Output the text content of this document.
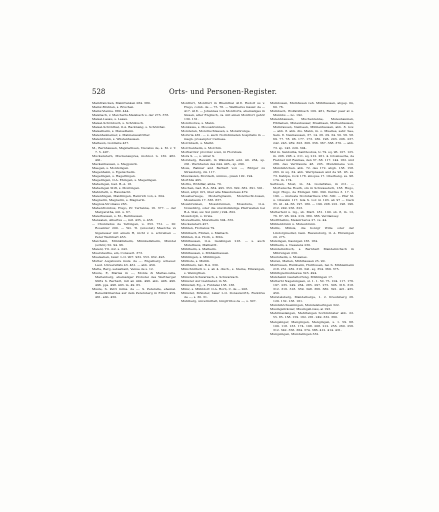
528	Orts- und Personen-Register.

Mainfrancken, Mainfranken 284. 380.

Mainz-Bruhlen, s. Bruchen.

Mainz-Vienne. 880. 444.

Maisbach, v. Meicherts-Maisbach u. der 273. 376.

Maisel-Lasau, s. Lasau.

Maisel-Schönbuch, s. Schönbuch.

Maisel-Schönthal, O.A. Backnang, s. Schönthal.

Maiselheim, s. Meiselheim.

Malenheimeiner, s. Malmenaustritter.

Malenbrunn, s. Wüstenhausen.

Malheun, Goldleite 437.

M., Bernhausen, Majsbethsen, Viscalus de, s. M. v. T. 7. 5. 497.

Muckenstern, Muckenaupres, mohnol. n. 130. 482. 491.

Mackenhausen, s. Magpuurk.

Maegen, s. Montsingen.

Magenheim, s. Egenscheim.

Magelingen, s. Hageltingen.

Magelingen, O.A. Ehingen, s. Magelingen.

Maheingen, bad. B.-A. 16.

Maheingen Stift, s. Montingen.

Mahnrieth, s. Hausbacht.

Maienfingen, Maidlingen, Heinrich von, s. 304.

Magnerin, Magnerin, s. Magnerin.

Magnus-Viromaus 263.

Mahenfrombus, Hugo, Pr. Tertanna, 16. 377. — der Margaretha, mil. u. 67.

Maierhausen, s. M., Bernhausen.

Mensalen, Albertus —, mit. 435, u. 438.

— Chunradus de Tettingen, u. 353. 751. — Dr. Rosenbur 200. — Wz. Tl. (unsonst) Maerche vs Sigaresser mit einem H, nicht v. u. schreiben — Peter Wernhart 453.

Maichelm, Minnkllsheim, Minnkellsheim, Mundel (schön) 50. 94. 96.

Maienl, Ttl. dor. s. 243.

Muerstauthe, ein, Conssert. 373.

Muelsehen, bawr. L.O. 907. 932. 553. 932. 493.

Mutter Augsbuure muls. de —. Engelberg. scheuer. Laut. Universitäts 43. 461. — abb. 459.

Matte, Berg, sebastiant, Venue de s. 12.

Muste, E, Marias in —, Monte & Marias-cella, Marienberg, ehemaliger Probstei des Wertberger Stifts S. Berhart, mit an 494. 496. abb. 496. 496. 496. pps. 498. 493. m. 49. 65.

Muste, S. Petri mims. de —. S. Peterelle, ehemal. Benediktinerdes auf dem Petersberg in Erfurt 459. 461. abb. 450.

Montfurt, Montfurt in Bheinthal 418. Rudolf us v. Hugo, comb. de — 75. 76. — Waltherus mausr. de — 417. 418. — Johannes von Montforts, ehemaliges in Sissen, alter Englisch, ca. mit einen Montfort gehör 130. 131.

Mondnorwe, s. Mann.

Monkawe, s. Moosabrunnen.

Monderen, Mondrechtsesen, s. Monsbrunge.

Moruria 481. — s. auch Norndmiaden hospitalis in — magn. prosenptor Carnese.

Morckbach, s. Markt.

Morchenheim, s. Morchin.

Morhardior provinzc soun, in Florsbais.

Mora S. —, s. unter S.

Morsberg, Bewallt, in Wänsbach edd. 40. 264, sp. 291. Wernheren des 244. 495., sp. 290.

Moss, Balmar and Berhart von —, Bürger zu Strassburg, 24. 117.

Musolasien, Mordach, unmus., pisan 192. 194.

Morthüs 495.

Mottis, Wöhlflar, allda. 70.

Muchen, bad. B.A. 384. 495. 353. 392. 382. 391. 591.

Must, altpr. Ort, über alle Massbureau 479.

Moesberwege, Moderbgbaum, Mondrecht-busen, Mossbaum 17. 336. 837.

Mossbrunnen, Mossbrunnen, Mossbure, O.A. Noissbürg, oder die unvollständige Pfarrwellen bei B.A. Stal, sw. Sul (mitr.) 294. 802.

Mossdorph, s. Ursia.

Mosvetheim, Musviheim 304. 355.

Muckenstern 457.

Mühlen, Florianus 79.

Mühlbach, Fülden, s. Malbach.

Mühlen, O.A. Horb, s. Mün.

Mühlhausen, O.A. Geislingen 216. — s. auch Mulethaus, Malhardt.

Mühlheim, s. Malheim.

Mühlhausen, s. Mühlenhausen.

Mühlingen, s. Mühlingen.

Mütliste, s. Mullih.

Mullhiers, bat. B.A. 330.

Münchnittsch u. s. ab 4. disch., s. Steine, Ellwangen, s. Wenngthen.

Münster-Schwarzach, s. Schwarzach.

Münster Auf Liebhaber, in 56.

Münstall, Eg., s. Fuldalai 138. 138.

Münz, s. Mühldorf. O.A. Horb, C. de — 206.

Münster, Mönster, baier L.O. Donauwörth, Rudolfus de —, s. 30. 31.

Muhlberg, unvermittelt, bingfrittos de —, s. 307.

Mulnbusen, Mulnhusen veh. Mühlhausen, abgep. 0n, 60. 76.

Mulnbach, Wolfatzhbach 109. 481, Reiner paar at u. Munnbs — no. 192.

Mulenhbausen, Muchenrenne, Muleubaumen, Hülneben, Muleubauser, Muelhaen, Mulbenhausen, Mulnrausen, Nenbeen, Mühlenhausen, abb. 8. nov. — abb. 8. abk. dis. Mann, m. o. Muelles, sehr. See, Sem. 8. Neuhaussen, 37. 14. 26. 29. 34. 50. 56. 58. 69. 77. 78. 96. 177. 173. 180. 196. 203. 206. 237. 242. 243. 289. 303. 306. 356. 367. 368. 370. — abb. 73. sp. 143. 229. 304.

Mul m. Sanbulba, Santhosbus, to 79. sq. 96. 107. 125. in. 206. 208. s. 211. sq. 212. 261. 4. Grosnseche, de Fiebner mit Reuhaa, den 37. 68. 117. 144. 162. und 289. des Vertrauste 48. 205. Mundmiene von. Mundshöchen. abb. 72. des 172. abgb. 138. 158. 263. in sq. 34. abb. Wertpnesen and de 93. 93. ss. 73. Kahlpa, rock 178. sinopse 17. Oberheng. ss. 98. 174. in. 174.

Serbisen, Most, in. 34. Godeflides, in 211. — Mortensche Roeth, om in Schwasetsch, 138. Hugo, mgr. Hugo, de Ebingen 390. 390. Perdus 3. 17. 5. 190. — mutuate Storsbartlace 250. 300. — Pfar St. u. Obwelm 117. Isla S. vor. in 193. ab 97 — Deck 35. 41. 44. 66. 197. 180. — 199. 208. 201. 198. 196. 212. 249. 256. 323.

Mutterfeld u. Gg., sb. Mart. 181. 190. sb. 8, in. 12, 76. 87. 96. 204. 219. 380. 386. Verdiansey.

Mudtthelbis, Melenrberos 27. vs. 44.

Mühlenbrunn u. Muleubrunn.

Mullis, Mülsis, die honigr Wille oder der Lindorgmedler, Gem. Ravensburg, O. A. Ehrenigen 20. 275.

Mulsingen, Kasnigen 136. 184.

Mülheim, s. Nesaiens 230.

Mundelnichsch, s. Bernhart Mandelnichsch in Mlbrungen 230.

Mustuheim, s. Mosanes.

Muren, Mellen, Mühlhausen 25. 90.

Mulrbusen, Hulnbeim, Hulrbusen, bei S. Mühlenheim 218. 251. 282. 316. 341. sq. 354. 369. 375.

Mühlhgiermuhleswa 323. 494.

Mulsheiml Gestaltorfung, Mühlingen 17.

Mutterbl Nagelungsen, sl. 1. 1. 50. 75. 104. 117. 176. 197. 235. 249. 264. 285. 297. 275. 306. 316. 318. 312. 316. 318. 339. 348. 366. 380. 391. 421. 435. 450.

Muretelsberg, Mandelberge, 1. 2. Kreutsberg 26. 129. 132. 138. 161.

Mundshöchsemingen, Mundelsberingen 322.

Musingsilvkoler, Musingsil-Gau, ai 193.

Mehrmaslangen, Mehrlangen Sorbmünster abb. 22. 55. 85. 158. 159. 162. 281. 249. 332. 360.

Mengsinger, Mengingen, Mengingen, s. 1. 59. 68. 109. 118. 133. 174. 198. 208. 212. 256. 260. 256. 312. 342. 356. 364. 374. 386. 412. 414. 431.

Mungsingen, Mundalingen 332.
